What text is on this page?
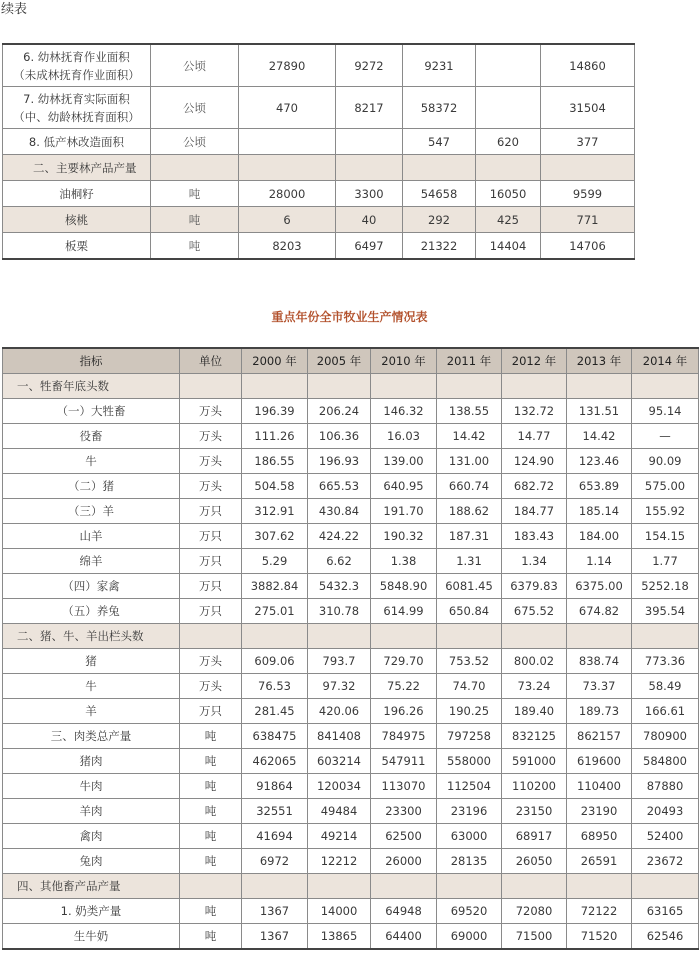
续表
6. 幼林抚育作业面积
（未成林抚育作业面积）	公顷	27890	9272	9231		14860
7. 幼林抚育实际面积
（中、幼龄林抚育面积）	公顷	470	8217	58372		31504
8. 低产林改造面积	公顷			547	620	377
二、主要林产品产量						
油桐籽	吨	28000	3300	54658	16050	9599
核桃	吨	6	40	292	425	771
板栗	吨	8203	6497	21322	14404	14706
重点年份全市牧业生产情况表
指标	单位	2000 年	2005 年	2010 年	2011 年	2012 年	2013 年	2014 年
一、牲畜年底头数								
（一）大牲畜	万头	196.39	206.24	146.32	138.55	132.72	131.51	95.14
役畜	万头	111.26	106.36	16.03	14.42	14.77	14.42	—
牛	万头	186.55	196.93	139.00	131.00	124.90	123.46	90.09
（二）猪	万头	504.58	665.53	640.95	660.74	682.72	653.89	575.00
（三）羊	万只	312.91	430.84	191.70	188.62	184.77	185.14	155.92
山羊	万只	307.62	424.22	190.32	187.31	183.43	184.00	154.15
绵羊	万只	5.29	6.62	1.38	1.31	1.34	1.14	1.77
（四）家禽	万只	3882.84	5432.3	5848.90	6081.45	6379.83	6375.00	5252.18
（五）养兔	万只	275.01	310.78	614.99	650.84	675.52	674.82	395.54
二、猪、牛、羊出栏头数								
猪	万头	609.06	793.7	729.70	753.52	800.02	838.74	773.36
牛	万头	76.53	97.32	75.22	74.70	73.24	73.37	58.49
羊	万只	281.45	420.06	196.26	190.25	189.40	189.73	166.61
三、肉类总产量	吨	638475	841408	784975	797258	832125	862157	780900
猪肉	吨	462065	603214	547911	558000	591000	619600	584800
牛肉	吨	91864	120034	113070	112504	110200	110400	87880
羊肉	吨	32551	49484	23300	23196	23150	23190	20493
禽肉	吨	41694	49214	62500	63000	68917	68950	52400
兔肉	吨	6972	12212	26000	28135	26050	26591	23672
四、其他畜产品产量								
1. 奶类产量	吨	1367	14000	64948	69520	72080	72122	63165
生牛奶	吨	1367	13865	64400	69000	71500	71520	62546
